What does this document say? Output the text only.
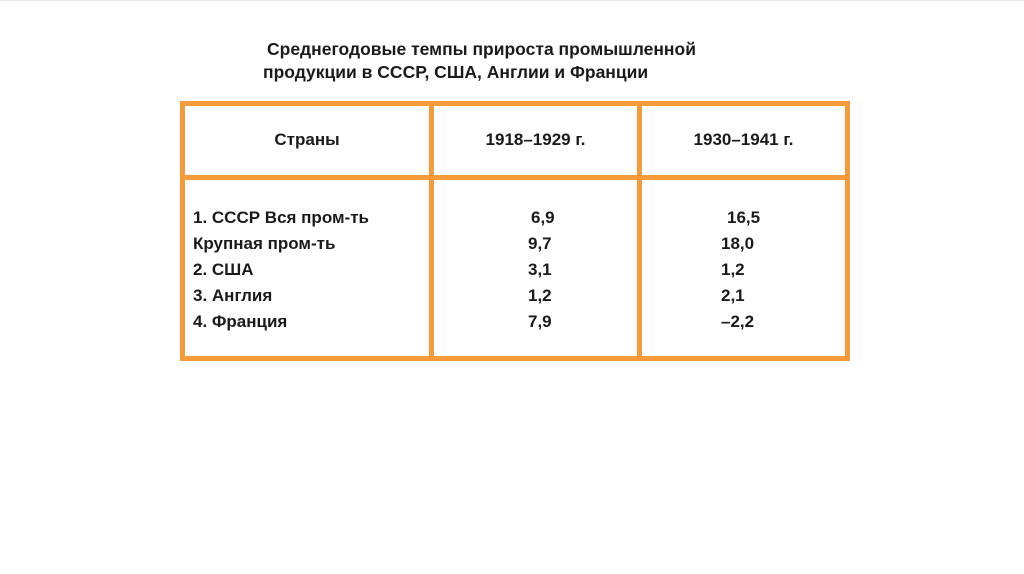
Среднегодовые темпы прироста промышленной
продукции в СССР, США, Англии и Франции
Страны	1918–1929 г.	1930–1941 г.
1. СССР Вся пром-ть
Крупная пром-ть
2. США
3. Англия
4. Франция
6,9
9,7
3,1
1,2
7,9
16,5
18,0
1,2
2,1
–2,2
